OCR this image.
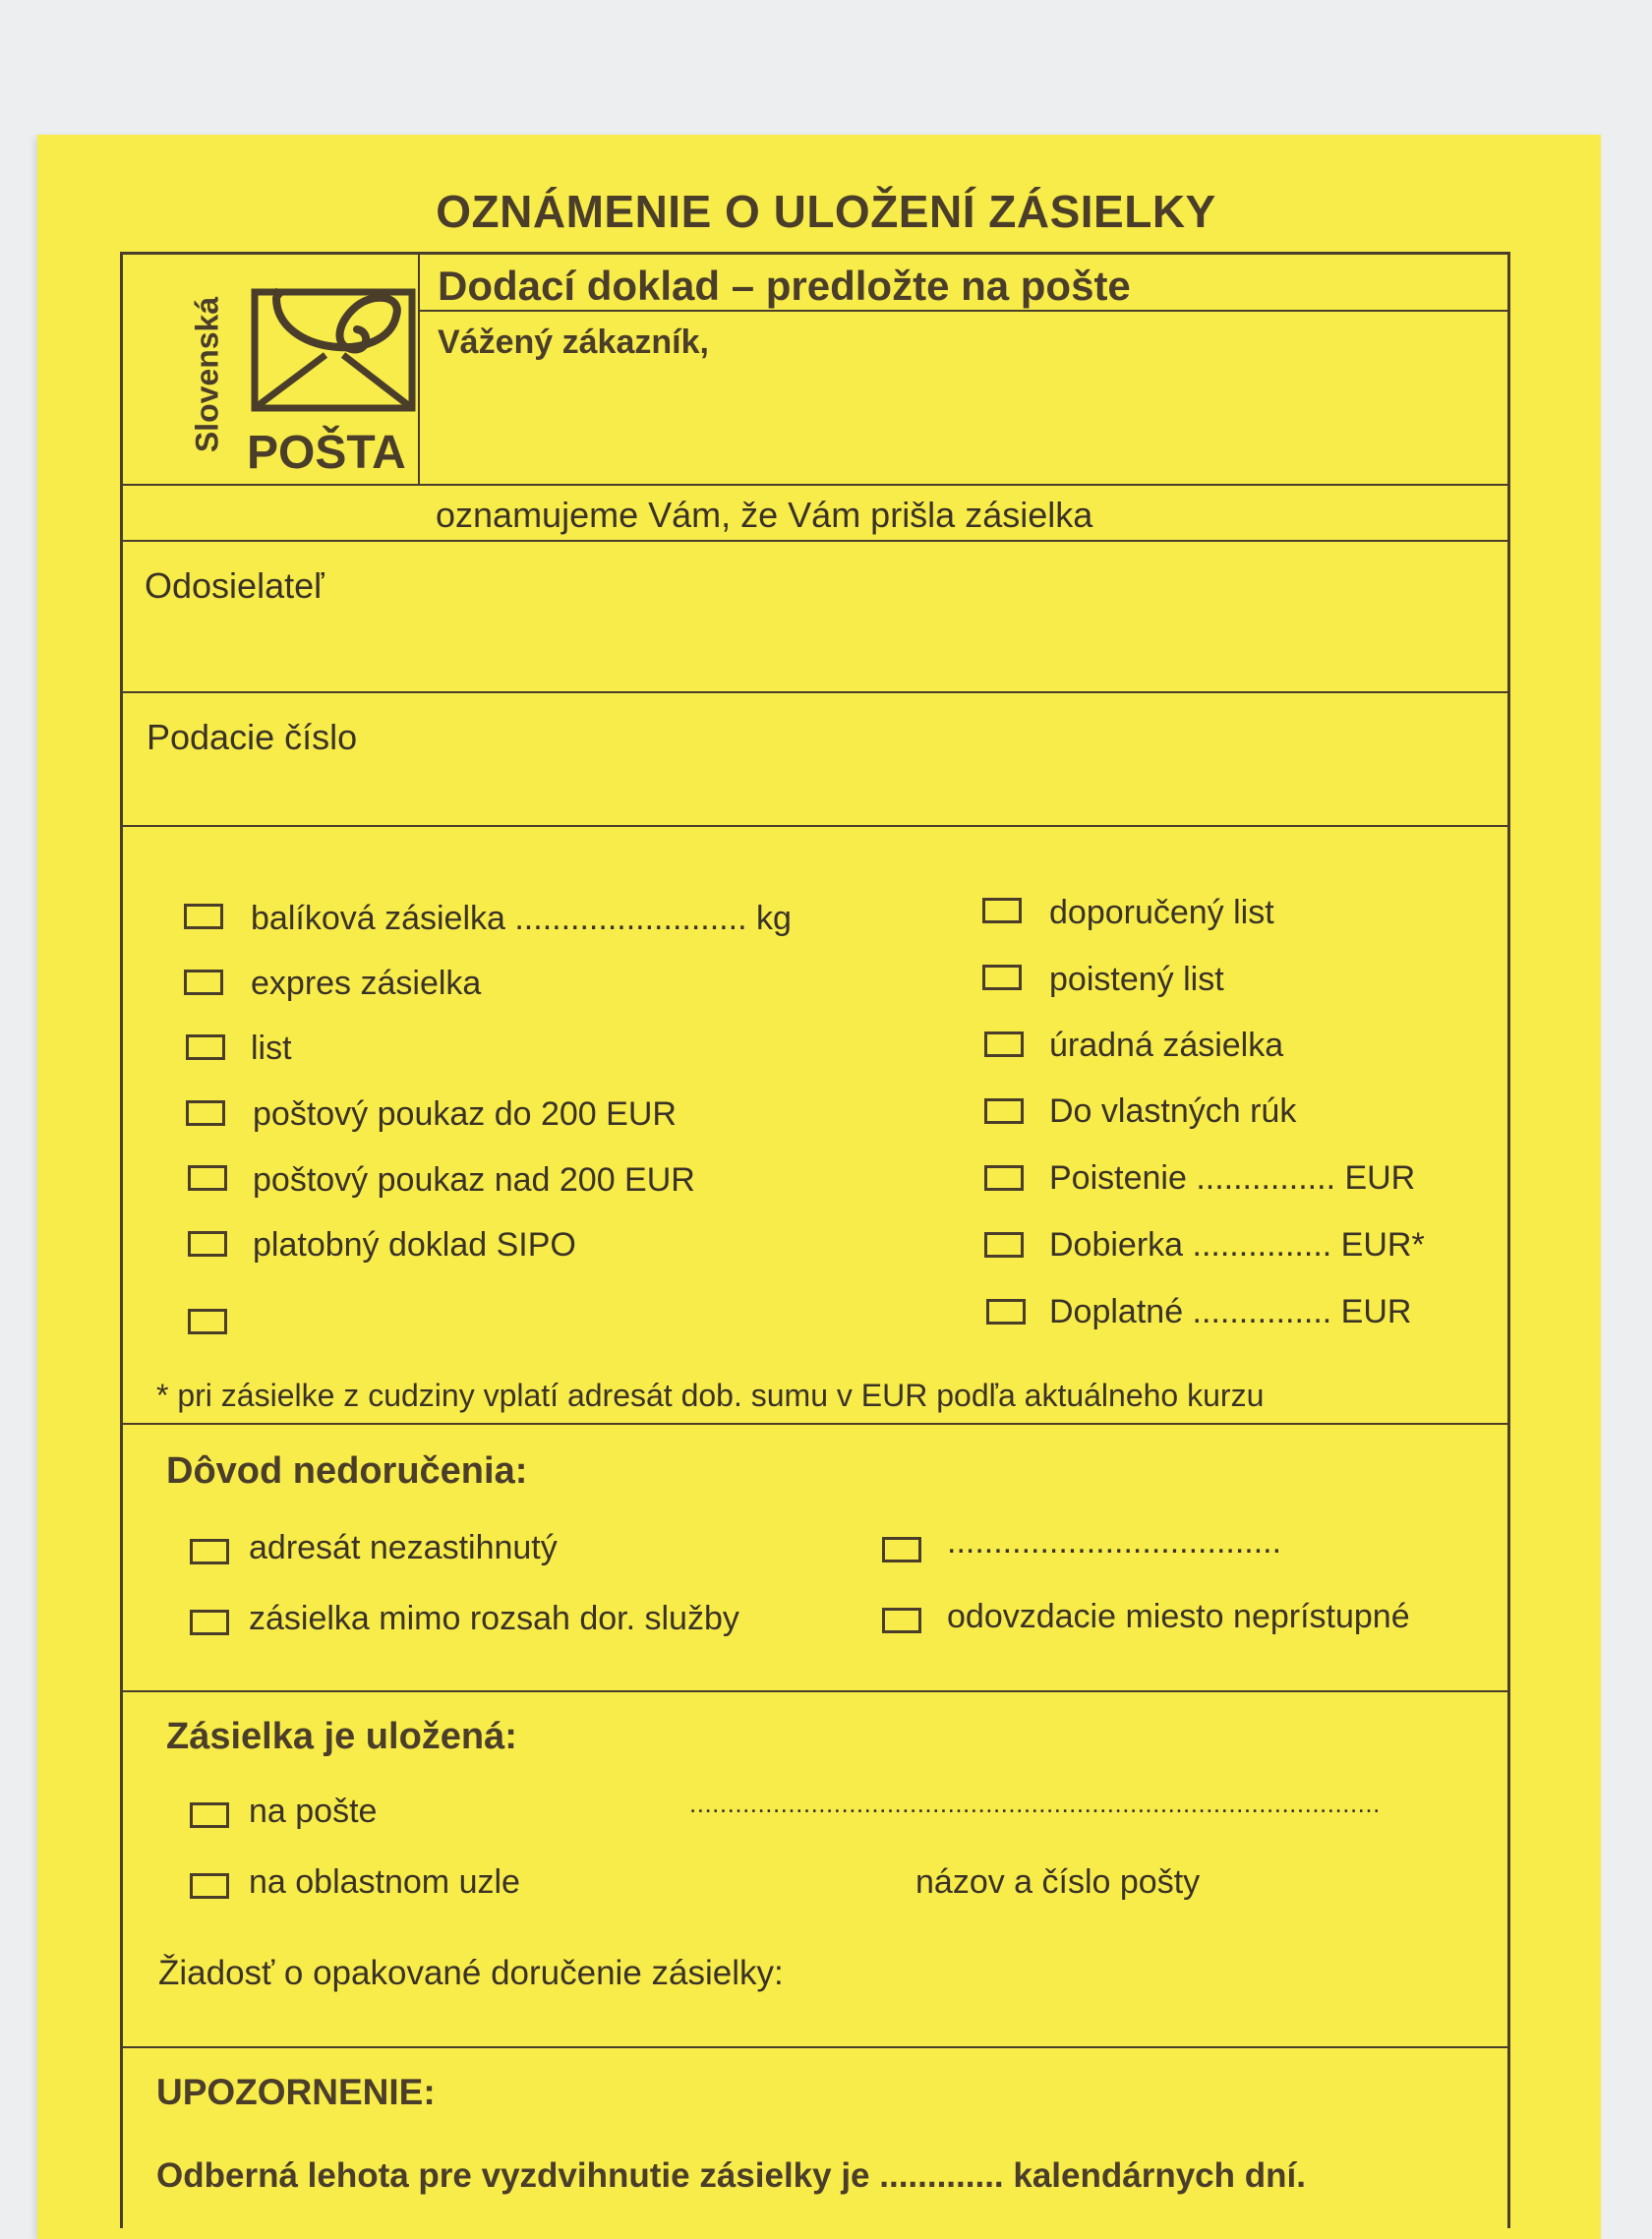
OZNÁMENIE O ULOŽENÍ ZÁSIELKY
Slovenská
POŠTA
Dodací doklad – predložte na pošte
Vážený zákazník,
oznamujeme Vám, že Vám prišla zásielka
Odosielateľ
Podacie číslo
balíková zásielka ......................... kg
expres zásielka
list
poštový poukaz do 200 EUR
poštový poukaz nad 200 EUR
platobný doklad SIPO
doporučený list
poistený list
úradná zásielka
Do vlastných rúk
Poistenie ............... EUR
Dobierka ............... EUR*
Doplatné ............... EUR
* pri zásielke z cudziny vplatí adresát dob. sumu v EUR podľa aktuálneho kurzu
Dôvod nedoručenia:
adresát nezastihnutý
zásielka mimo rozsah dor. služby
....................................
odovzdacie miesto neprístupné
Zásielka je uložená:
na pošte
na oblastnom uzle
...........................................................................................
názov a číslo pošty
Žiadosť o opakované doručenie zásielky:
UPOZORNENIE:
Odberná lehota pre vyzdvihnutie zásielky je ............. kalendárnych dní.
